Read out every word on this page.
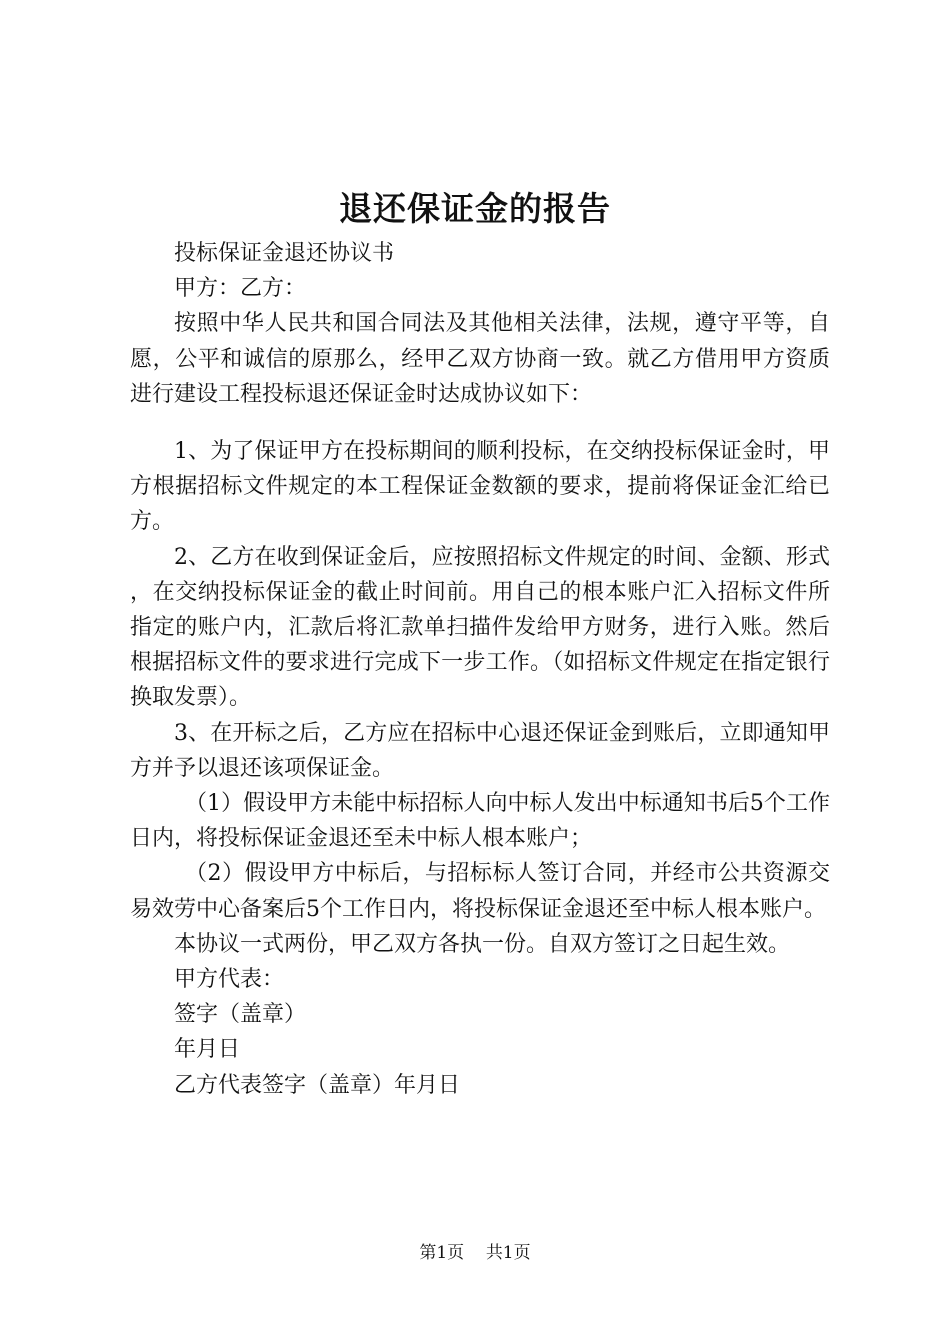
退还保证金的报告

投标保证金退还协议书

甲方：乙方：

按照中华人民共和国合同法及其他相关法律，法规，遵守平等，自愿，公平和诚信的原那么，经甲乙双方协商一致。就乙方借用甲方资质进行建设工程投标退还保证金时达成协议如下：

1、为了保证甲方在投标期间的顺利投标，在交纳投标保证金时，甲方根据招标文件规定的本工程保证金数额的要求，提前将保证金汇给已方。

2、乙方在收到保证金后，应按照招标文件规定的时间、金额、形式，在交纳投标保证金的截止时间前。用自己的根本账户汇入招标文件所指定的账户内，汇款后将汇款单扫描件发给甲方财务，进行入账。然后根据招标文件的要求进行完成下一步工作。（如招标文件规定在指定银行换取发票）。

3、在开标之后，乙方应在招标中心退还保证金到账后，立即通知甲方并予以退还该项保证金。

（1）假设甲方未能中标招标人向中标人发出中标通知书后5个工作日内，将投标保证金退还至未中标人根本账户；

（2）假设甲方中标后，与招标标人签订合同，并经市公共资源交易效劳中心备案后5个工作日内，将投标保证金退还至中标人根本账户。

本协议一式两份，甲乙双方各执一份。自双方签订之日起生效。

甲方代表：

签字（盖章）

年月日

乙方代表签字（盖章）年月日

第1页 共1页
